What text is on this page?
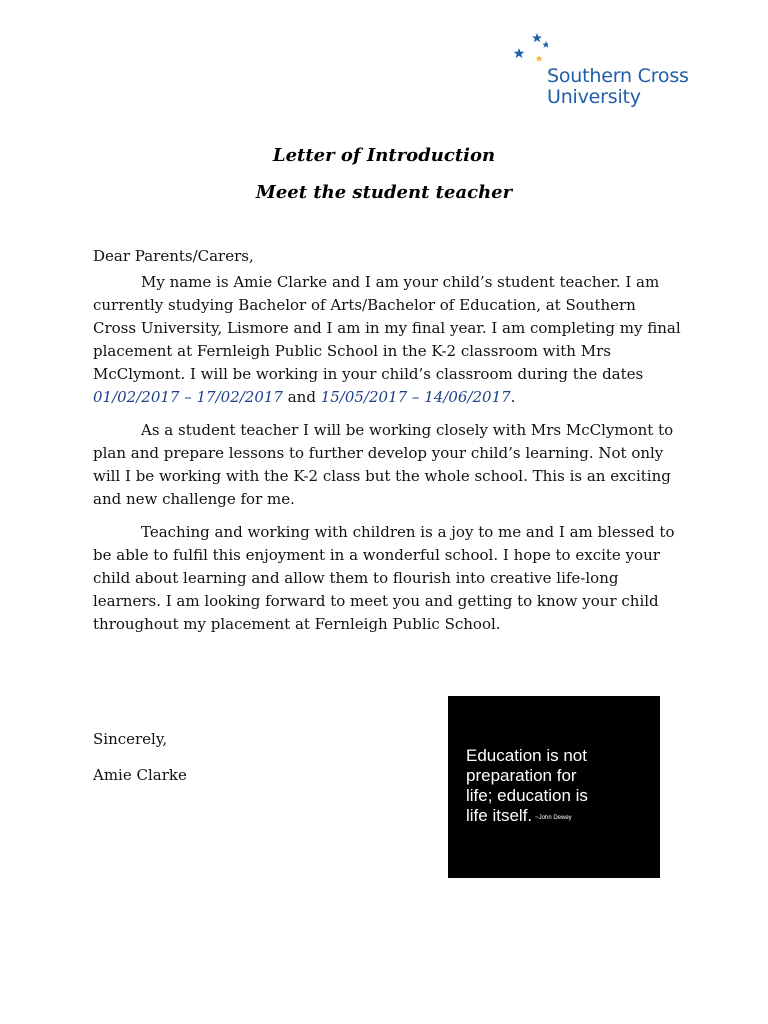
Southern Cross
University
Letter of Introduction
Meet the student teacher

Dear Parents/Carers,

My name is Amie Clarke and I am your child’s student teacher. I am currently studying Bachelor of Arts/Bachelor of Education, at Southern Cross University, Lismore and I am in my final year. I am completing my final placement at Fernleigh Public School in the K-2 classroom with Mrs McClymont. I will be working in your child’s classroom during the dates 01/02/2017 – 17/02/2017 and 15/05/2017 – 14/06/2017.

As a student teacher I will be working closely with Mrs McClymont to plan and prepare lessons to further develop your child’s learning. Not only will I be working with the K-2 class but the whole school. This is an exciting and new challenge for me.

Teaching and working with children is a joy to me and I am blessed to be able to fulfil this enjoyment in a wonderful school. I hope to excite your child about learning and allow them to flourish into creative life-long learners. I am looking forward to meet you and getting to know your child throughout my placement at Fernleigh Public School.

Sincerely,

Amie Clarke

Education is not
preparation for
life; education is
life itself. ~John Dewey
